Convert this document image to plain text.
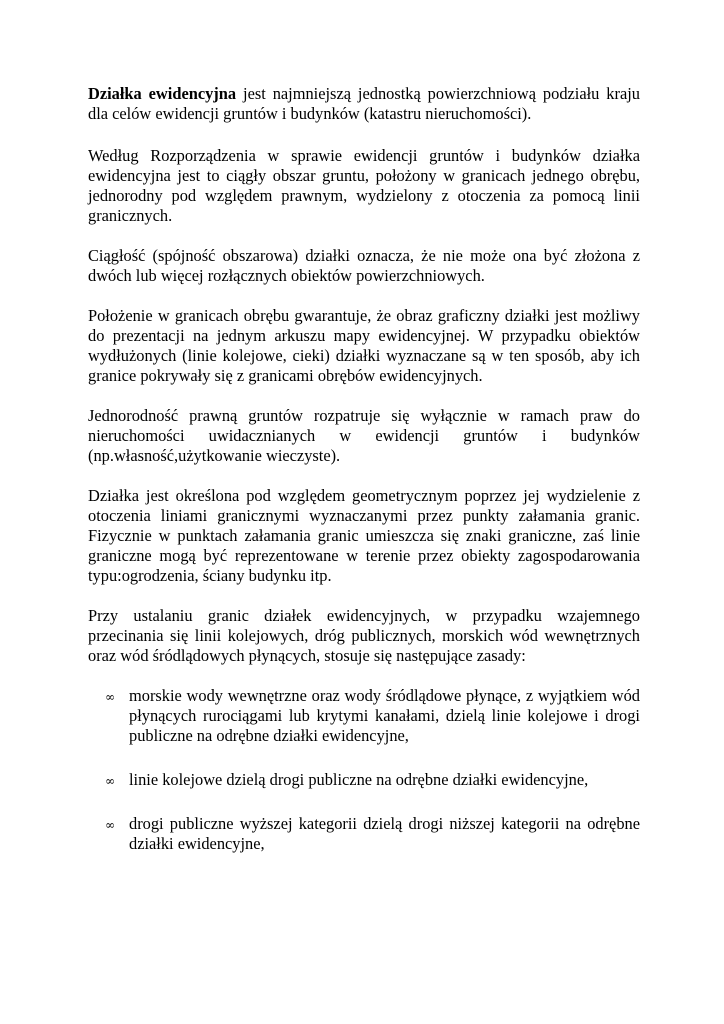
Działka ewidencyjna jest najmniejszą jednostką powierzchniową podziału kraju dla celów ewidencji gruntów i budynków (katastru nieruchomości).

Według Rozporządzenia w sprawie ewidencji gruntów i budynków działka ewidencyjna jest to ciągły obszar gruntu, położony w granicach jednego obrębu, jednorodny pod względem prawnym, wydzielony z otoczenia za pomocą linii granicznych.

Ciągłość (spójność obszarowa) działki oznacza, że nie może ona być złożona z dwóch lub więcej rozłącznych obiektów powierzchniowych.

Położenie w granicach obrębu gwarantuje, że obraz graficzny działki jest możliwy do prezentacji na jednym arkuszu mapy ewidencyjnej. W przypadku obiektów wydłużonych (linie kolejowe, cieki) działki wyznaczane są w ten sposób, aby ich granice pokrywały się z granicami obrębów ewidencyjnych.

Jednorodność prawną gruntów rozpatruje się wyłącznie w ramach praw do nieruchomości uwidacznianych w ewidencji gruntów i budynków (np.własność,użytkowanie wieczyste).

Działka jest określona pod względem geometrycznym poprzez jej wydzielenie z otoczenia liniami granicznymi wyznaczanymi przez punkty załamania granic. Fizycznie w punktach załamania granic umieszcza się znaki graniczne, zaś linie graniczne mogą być reprezentowane w terenie przez obiekty zagospodarowania typu:ogrodzenia, ściany budynku itp.

Przy ustalaniu granic działek ewidencyjnych, w przypadku wzajemnego przecinania się linii kolejowych, dróg publicznych, morskich wód wewnętrznych oraz wód śródlądowych płynących, stosuje się następujące zasady:

∞ morskie wody wewnętrzne oraz wody śródlądowe płynące, z wyjątkiem wód płynących rurociągami lub krytymi kanałami, dzielą linie kolejowe i drogi publiczne na odrębne działki ewidencyjne,
∞ linie kolejowe dzielą drogi publiczne na odrębne działki ewidencyjne,
∞ drogi publiczne wyższej kategorii dzielą drogi niższej kategorii na odrębne działki ewidencyjne,
